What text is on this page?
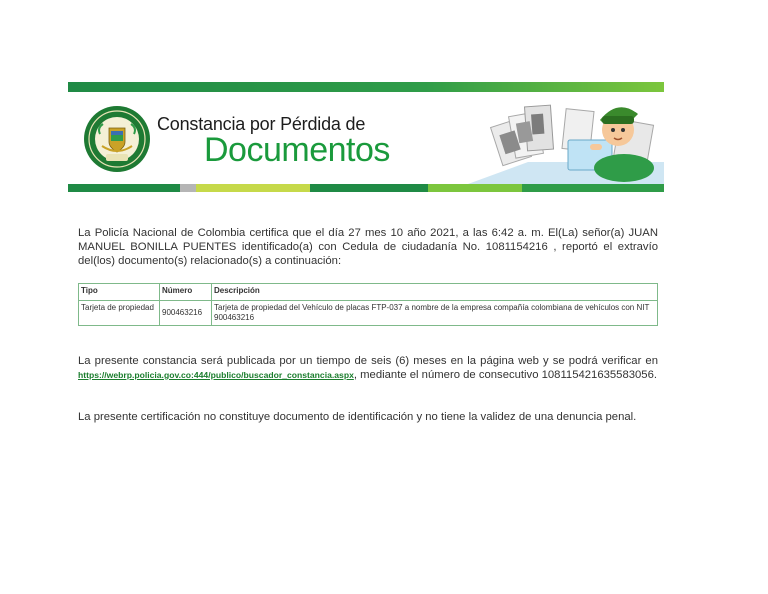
Constancia por Pérdida de
Documentos
La Policía Nacional de Colombia certifica que el día 27 mes 10 año 2021, a las 6:42 a. m. El(La) señor(a) JUAN MANUEL BONILLA PUENTES identificado(a) con Cedula de ciudadanía No. 1081154216 , reportó el extravío del(los) documento(s) relacionado(s) a continuación:
Tipo	Número	Descripción
Tarjeta de propiedad	900463216	Tarjeta de propiedad del Vehículo de placas FTP-037 a nombre de la empresa compañía colombiana de vehículos con NIT 900463216
La presente constancia será publicada por un tiempo de seis (6) meses en la página web y se podrá verificar en https://webrp.policia.gov.co:444/publico/buscador_constancia.aspx, mediante el número de consecutivo 1081154216355830​56.
La presente certificación no constituye documento de identificación y no tiene la validez de una denuncia penal.
